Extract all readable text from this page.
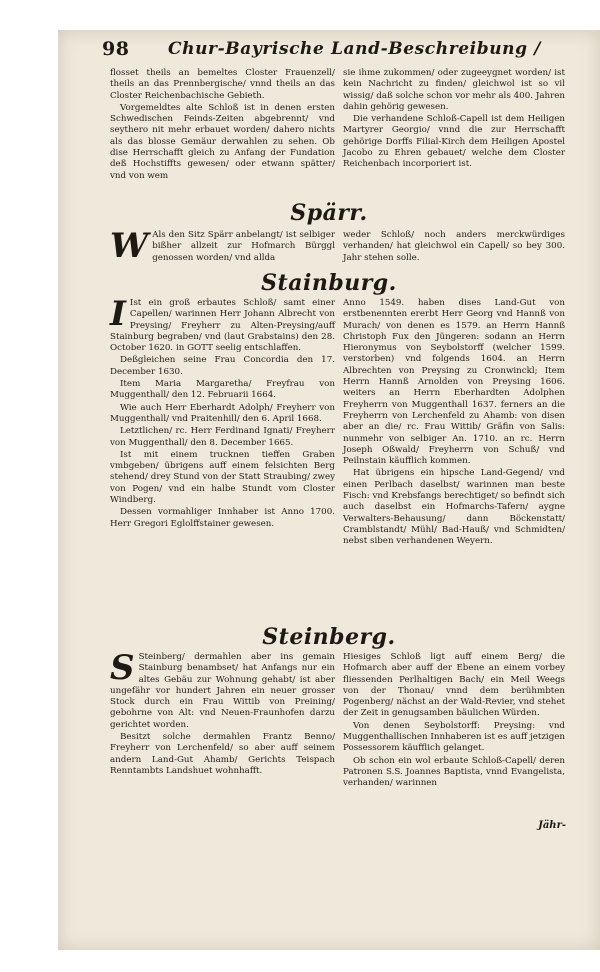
98 Chur-Bayrische Land-Beschreibung /

flosset theils an bemeltes Closter Frauenzell/ theils an das Prennbergische/ vnnd theils an das Closter Reichenbachische Gebieth.

Vorgemeldtes alte Schloß ist in denen ersten Schwedischen Feinds-Zeiten abgebrennt/ vnd seythero nit mehr erbauet worden/ dahero nichts als das blosse Gemäur derwahlen zu sehen. Ob dise Herrschafft gleich zu Anfang der Fundation deß Hochstiffts gewesen/ oder etwann spätter/ vnd von wem

sie ihme zukommen/ oder zugeeygnet worden/ ist kein Nachricht zu finden/ gleichwol ist so vil wissig/ daß solche schon vor mehr als 400. Jahren dahin gehörig gewesen.

Die verhandene Schloß-Capell ist dem Heiligen Martyrer Georgio/ vnnd die zur Herrschafft gehörige Dorffs Filial-Kirch dem Heiligen Apostel Jacobo zu Ehren gebauet/ welche dem Closter Reichenbach incorporiert ist.

Spärr.

W Als den Sitz Spärr anbelangt/ ist selbiger bißher allzeit zur Hofmarch Bürggl genossen worden/ vnd allda

weder Schloß/ noch anders merckwürdiges verhanden/ hat gleichwol ein Capell/ so bey 300. Jahr stehen solle.

Stainburg.

I Ist ein groß erbautes Schloß/ samt einer Capellen/ warinnen Herr Johann Albrecht von Preysing/ Freyherr zu Alten-Preysing/auff Stainburg begraben/ vnd (laut Grabstains) den 28. October 1620. in GOTT seelig entschlaffen.

Deßgleichen seine Frau Concordia den 17. December 1630.

Item Maria Margaretha/ Freyfrau von Muggenthall/ den 12. Februarii 1664.

Wie auch Herr Eberhardt Adolph/ Freyherr von Muggenthall/ vnd Praitenhill/ den 6. April 1668.

Letztlichen/ rc. Herr Ferdinand Ignati/ Freyherr von Muggenthall/ den 8. December 1665.

Ist mit einem trucknen tieffen Graben vmbgeben/ übrigens auff einem felsichten Berg stehend/ drey Stund von der Statt Straubing/ zwey von Pogen/ vnd ein halbe Stundt vom Closter Windberg.

Dessen vormahliger Innhaber ist Anno 1700. Herr Gregori Eglolffstainer gewesen.

Anno 1549. haben dises Land-Gut von erstbenennten ererbt Herr Georg vnd Hannß von Murach/ von denen es 1579. an Herrn Hannß Christoph Fux den Jüngeren: sodann an Herrn Hieronymus von Seybolstorff (welcher 1599. verstorben) vnd folgends 1604. an Herrn Albrechten von Preysing zu Cronwinckl; Item Herrn Hannß Arnolden von Preysing 1606. weiters an Herrn Eberhardten Adolphen Freyherrn von Muggenthall 1637. ferners an die Freyherrn von Lerchenfeld zu Ahamb: von disen aber an die/ rc. Frau Wittib/ Gräfin von Salis: nunmehr von selbiger An. 1710. an rc. Herrn Joseph Oßwald/ Freyherrn von Schuß/ vnd Peilnstain käufflich kommen.

Hat übrigens ein hipsche Land-Gegend/ vnd einen Perlbach daselbst/ warinnen man beste Fisch: vnd Krebsfangs berechtiget/ so befindt sich auch daselbst ein Hofmarchs-Tafern/ aygne Verwalters-Behausung/ dann Böckenstatt/ Cramblstandt/ Mühl/ Bad-Hauß/ vnd Schmidten/ nebst siben verhandenen Weyern.

Steinberg.

S Steinberg/ dermahlen aber ins gemain Stainburg benambset/ hat Anfangs nur ein altes Gebäu zur Wohnung gehabt/ ist aber ungefähr vor hundert Jahren ein neuer grosser Stock durch ein Frau Wittib von Preining/ gebohrne von Alt: vnd Neuen-Fraunhofen darzu gerichtet worden.

Besitzt solche dermahlen Frantz Benno/ Freyherr von Lerchenfeld/ so aber auff seinem andern Land-Gut Ahamb/ Gerichts Teispach Renntambts Landshuet wohnhafft.

Hiesiges Schloß ligt auff einem Berg/ die Hofmarch aber auff der Ebene an einem vorbey fliessenden Perlhaltigen Bach/ ein Meil Weegs von der Thonau/ vnnd dem berühmbten Pogenberg/ nächst an der Wald-Revier, vnd stehet der Zeit in genugsamben bäulichen Würden.

Von denen Seybolstorff: Preysing: vnd Muggenthallischen Innhaberen ist es auff jetzigen Possessorem käufflich gelanget.

Ob schon ein wol erbaute Schloß-Capell/ deren Patronen S.S. Joannes Baptista, vnnd Evangelista, verhanden/ warinnen

Jähr-
